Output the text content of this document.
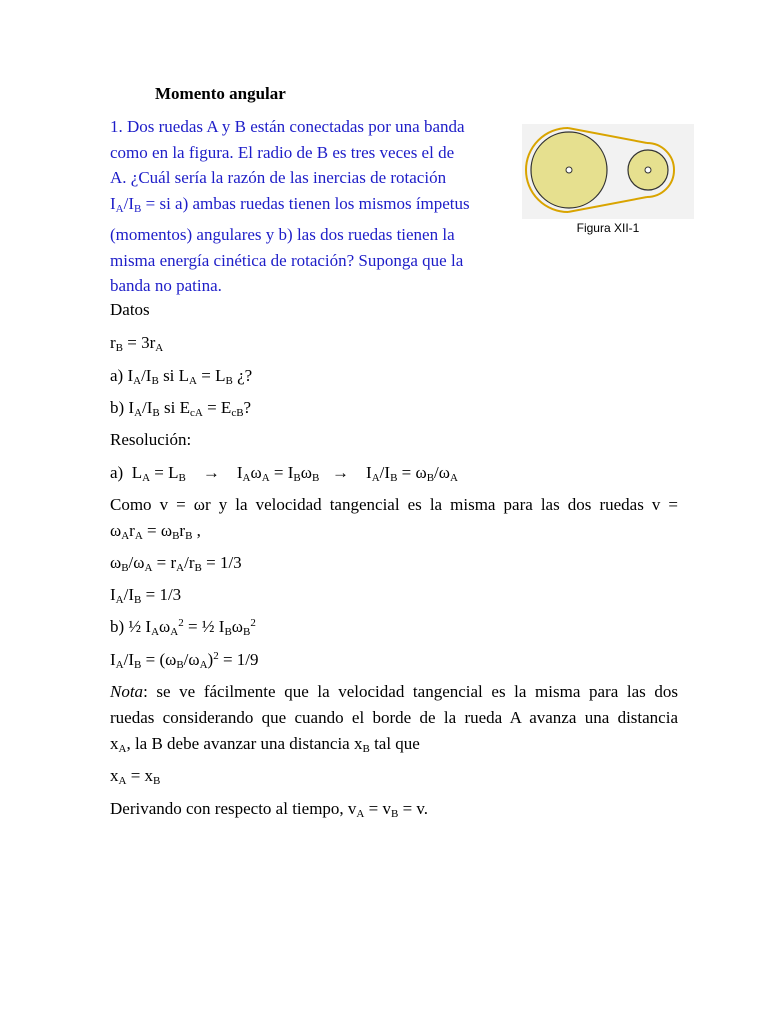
Momento angular

1. Dos ruedas A y B están conectadas por una banda

como en la figura. El radio de B es tres veces el de

A. ¿Cuál sería la razón de las inercias de rotación

$I_A/I_B$ = si a) ambas ruedas tienen los mismos ímpetus

(momentos) angulares y b) las dos ruedas tienen la

misma energía cinética de rotación? Suponga que la

banda no patina.

Figura XII-1
Datos
$r_B = 3r_A$
a) $I_A/I_B$ si $L_A = L_B$ ¿?
b) $I_A/I_B$ si $E_{cA} = E_{cB}$?
Resolución:
a)  $L_A = L_B$    →    $I_A\omega_A = I_B\omega_B$   →    $I_A/I_B = \omega_B/\omega_A$
Como v = ωr y la velocidad tangencial es la misma para las dos ruedas v =
$\omega_Ar_A = \omega_Br_B$ ,
$\omega_B/\omega_A = r_A/r_B = 1/3$
$I_A/I_B = 1/3$
b) ½ $I_A\omega_A^2$ = ½ $I_B\omega_B^2$
$I_A/I_B = (\omega_B/\omega_A)^2 = 1/9$
Nota: se ve fácilmente que la velocidad tangencial es la misma para las dos
ruedas considerando que cuando el borde de la rueda A avanza una distancia
$x_A$, la B debe avanzar una distancia $x_B$ tal que
$x_A = x_B$
Derivando con respecto al tiempo, $v_A = v_B = v$.
